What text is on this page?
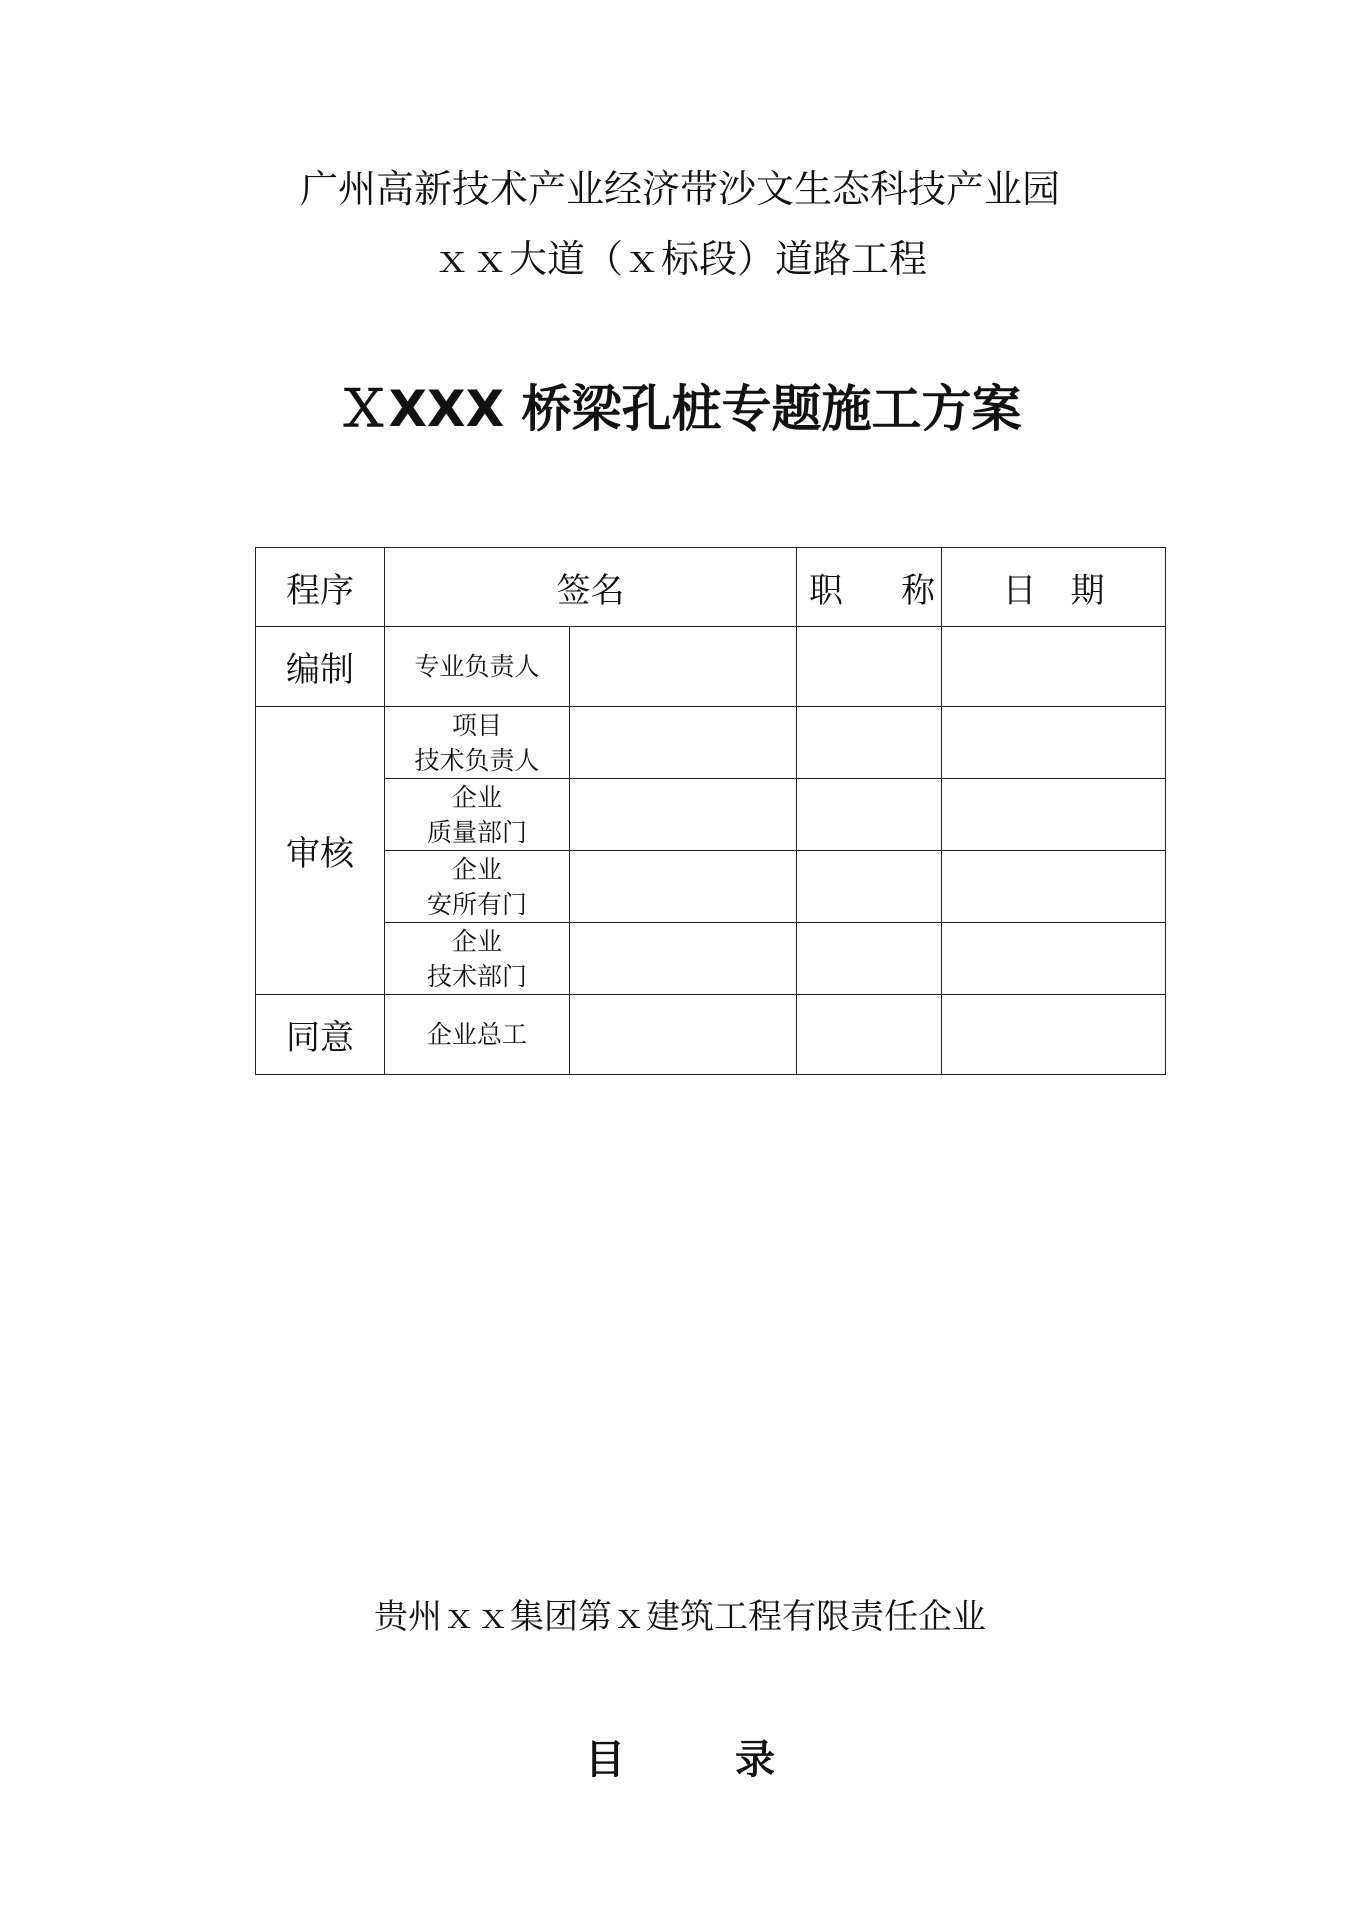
广州高新技术产业经济带沙文生态科技产业园
ｘｘ大道（ｘ标段）道路工程
ＸXXX 桥梁孔桩专题施工方案
程序	签名		职 称	日　期
编制	专业负责人			
审核	项目
技术负责人			

	企业
质量部门			

	企业
安所有门			

	企业
技术部门			

同意	企业总工			
贵州ｘｘ集团第ｘ建筑工程有限责任企业
目	录
